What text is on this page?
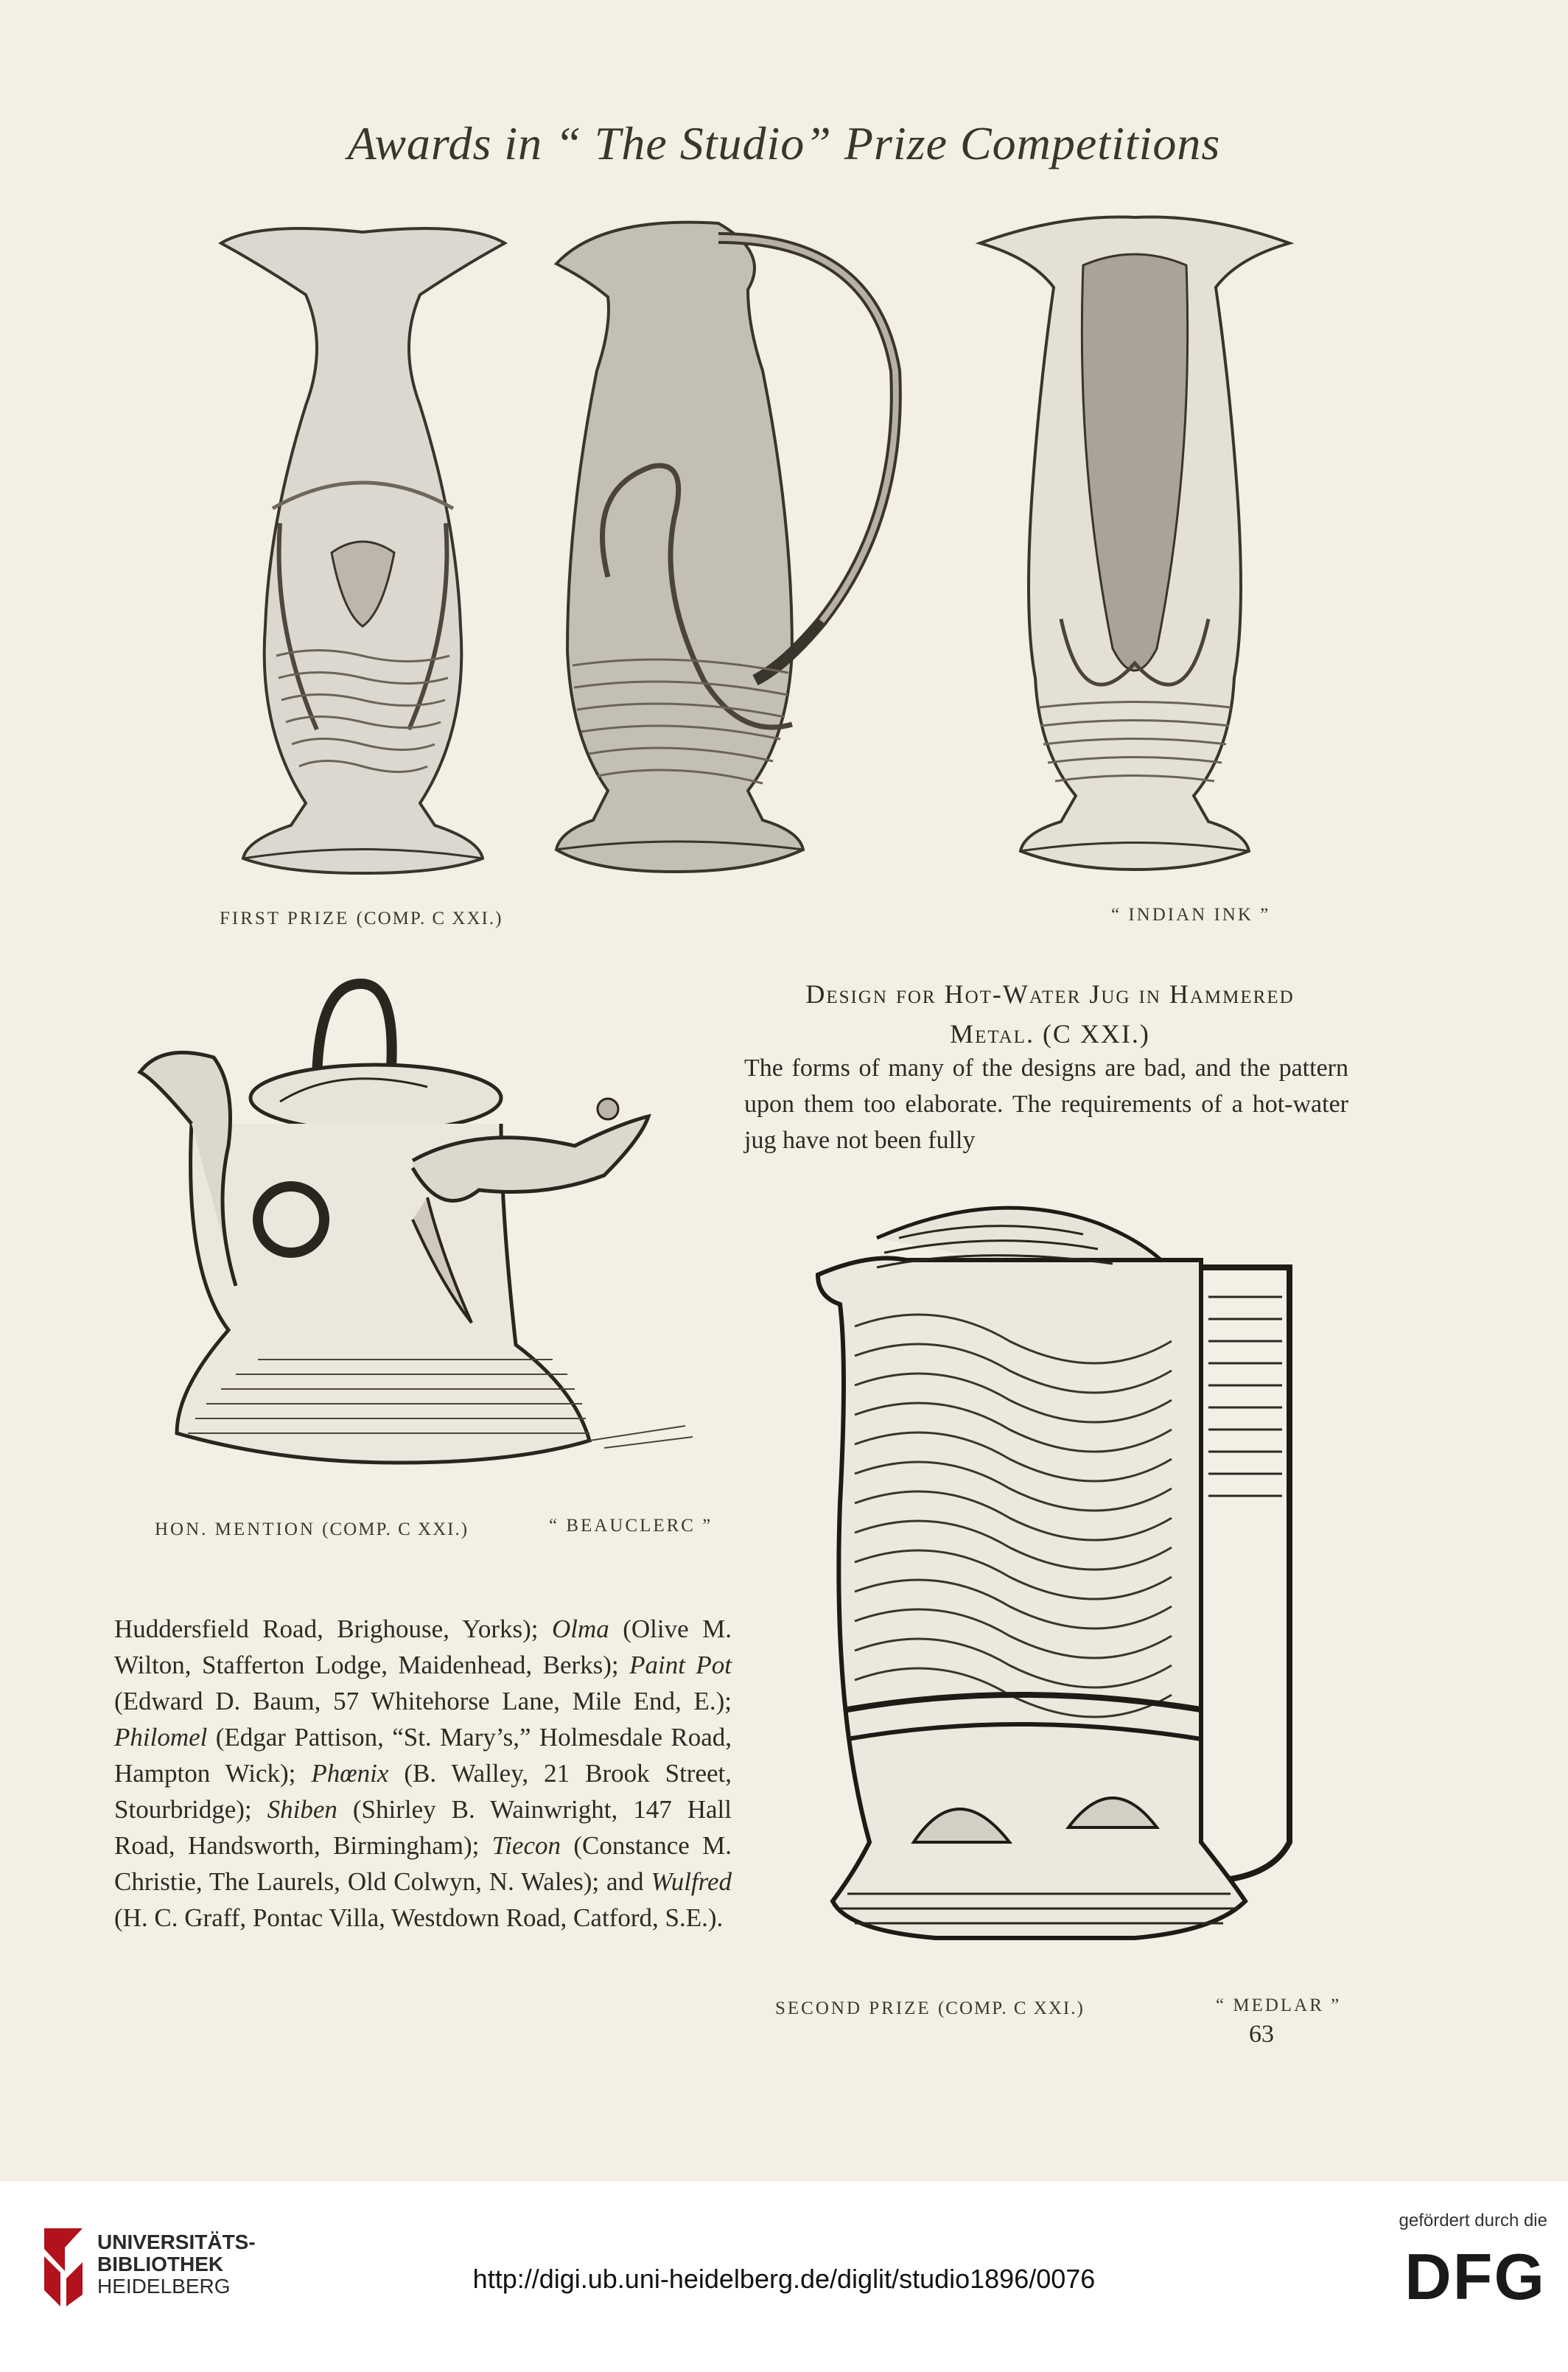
Awards in “ The Studio” Prize Competitions
FIRST PRIZE (COMP. C XXI.)	“ INDIAN INK ”
HON. MENTION (COMP. C XXI.)	“ BEAUCLERC ”
Design for Hot-Water Jug in Hammered
Metal. (C XXI.)
The forms of many of the designs are bad, and the pattern upon them too elaborate. The requirements of a hot-water jug have not been fully
SECOND PRIZE (COMP. C XXI.)	“ MEDLAR ”
Huddersfield Road, Brighouse, Yorks); Olma (Olive M. Wilton, Stafferton Lodge, Maidenhead, Berks); Paint Pot (Edward D. Baum, 57 Whitehorse Lane, Mile End, E.); Philomel (Edgar Pattison, “St. Mary’s,” Holmesdale Road, Hampton Wick); Phœnix (B. Walley, 21 Brook Street, Stourbridge); Shiben (Shirley B. Wainwright, 147 Hall Road, Handsworth, Birmingham); Tiecon (Constance M. Christie, The Laurels, Old Colwyn, N. Wales); and Wulfred (H. C. Graff, Pontac Villa, Westdown Road, Catford, S.E.).
63
UNIVERSITÄTS-
BIBLIOTHEK
HEIDELBERG	http://digi.ub.uni-heidelberg.de/diglit/studio1896/0076
gefördert durch die
DFG
